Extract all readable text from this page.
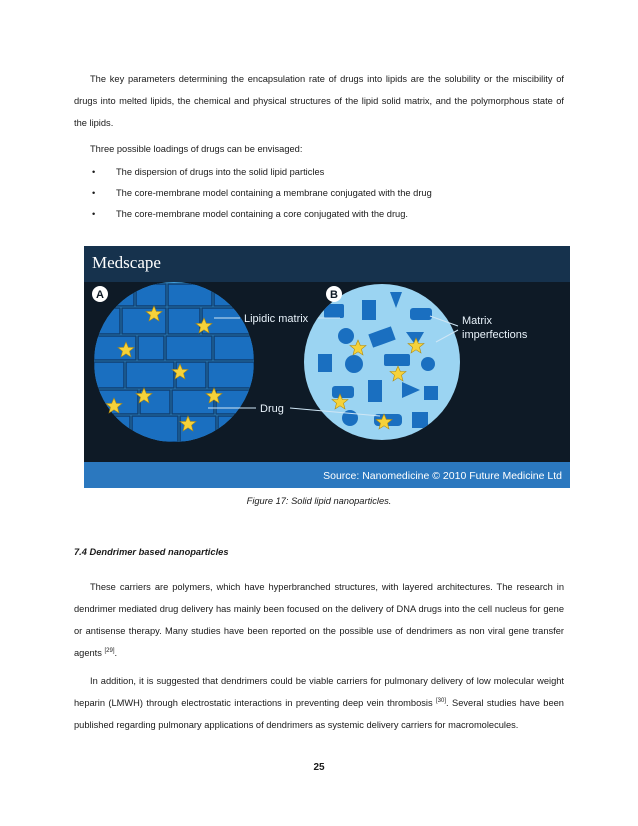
The key parameters determining the encapsulation rate of drugs into lipids are the solubility or the miscibility of drugs into melted lipids, the chemical and physical structures of the lipid solid matrix, and the polymorphous state of the lipids.

Three possible loadings of drugs can be envisaged:

• The dispersion of drugs into the solid lipid particles
• The core-membrane model containing a membrane conjugated with the drug
• The core-membrane model containing a core conjugated with the drug.
Medscape
A	B
Lipidic matrix
Drug
Matrix
imperfections
Source: Nanomedicine © 2010 Future Medicine Ltd
Figure 17: Solid lipid nanoparticles.
7.4 Dendrimer based nanoparticles

These carriers are polymers, which have hyperbranched structures, with layered architectures. The research in dendrimer mediated drug delivery has mainly been focused on the delivery of DNA drugs into the cell nucleus for gene or antisense therapy. Many studies have been reported on the possible use of dendrimers as non viral gene transfer agents [29].

In addition, it is suggested that dendrimers could be viable carriers for pulmonary delivery of low molecular weight heparin (LMWH) through electrostatic interactions in preventing deep vein thrombosis [30]. Several studies have been published regarding pulmonary applications of dendrimers as systemic delivery carriers for macromolecules.

25
